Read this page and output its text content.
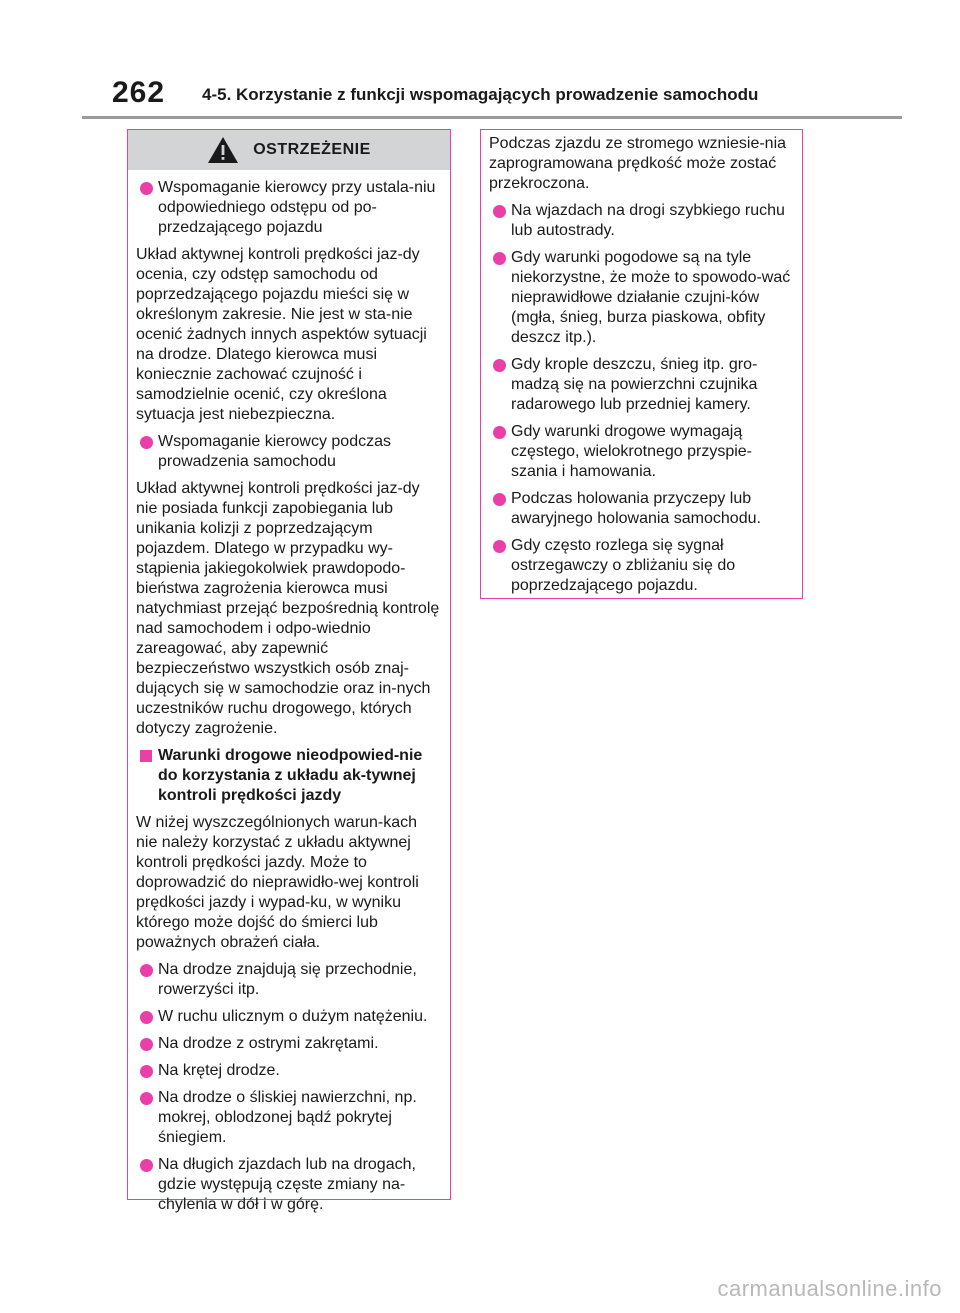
262 4-5. Korzystanie z funkcji wspomagających prowadzenie samochodu
OSTRZEŻENIE
Wspomaganie kierowcy przy ustala-niu odpowiedniego odstępu od po-przedzającego pojazdu

Układ aktywnej kontroli prędkości jaz-dy ocenia, czy odstęp samochodu od poprzedzającego pojazdu mieści się w określonym zakresie. Nie jest w sta-nie ocenić żadnych innych aspektów sytuacji na drodze. Dlatego kierowca musi koniecznie zachować czujność i samodzielnie ocenić, czy określona sytuacja jest niebezpieczna.

Wspomaganie kierowcy podczas prowadzenia samochodu

Układ aktywnej kontroli prędkości jaz-dy nie posiada funkcji zapobiegania lub unikania kolizji z poprzedzającym pojazdem. Dlatego w przypadku wy-stąpienia jakiegokolwiek prawdopodo-bieństwa zagrożenia kierowca musi natychmiast przejąć bezpośrednią kontrolę nad samochodem i odpo-wiednio zareagować, aby zapewnić bezpieczeństwo wszystkich osób znaj-dujących się w samochodzie oraz in-nych uczestników ruchu drogowego, których dotyczy zagrożenie.

Warunki drogowe nieodpowied-nie do korzystania z układu ak-tywnej kontroli prędkości jazdy

W niżej wyszczególnionych warun-kach nie należy korzystać z układu aktywnej kontroli prędkości jazdy. Może to doprowadzić do nieprawidło-wej kontroli prędkości jazdy i wypad-ku, w wyniku którego może dojść do śmierci lub poważnych obrażeń ciała.

Na drodze znajdują się przechodnie, rowerzyści itp.
W ruchu ulicznym o dużym natężeniu.
Na drodze z ostrymi zakrętami.
Na krętej drodze.
Na drodze o śliskiej nawierzchni, np. mokrej, oblodzonej bądź pokrytej śniegiem.
Na długich zjazdach lub na drogach, gdzie występują częste zmiany na-chylenia w dół i w górę.

Podczas zjazdu ze stromego wzniesie-nia zaprogramowana prędkość może zostać przekroczona.

Na wjazdach na drogi szybkiego ruchu lub autostrady.
Gdy warunki pogodowe są na tyle niekorzystne, że może to spowodo-wać nieprawidłowe działanie czujni-ków (mgła, śnieg, burza piaskowa, obfity deszcz itp.).
Gdy krople deszczu, śnieg itp. gro-madzą się na powierzchni czujnika radarowego lub przedniej kamery.
Gdy warunki drogowe wymagają częstego, wielokrotnego przyspie-szania i hamowania.
Podczas holowania przyczepy lub awaryjnego holowania samochodu.
Gdy często rozlega się sygnał ostrzegawczy o zbliżaniu się do poprzedzającego pojazdu.
carmanualsonline.info
